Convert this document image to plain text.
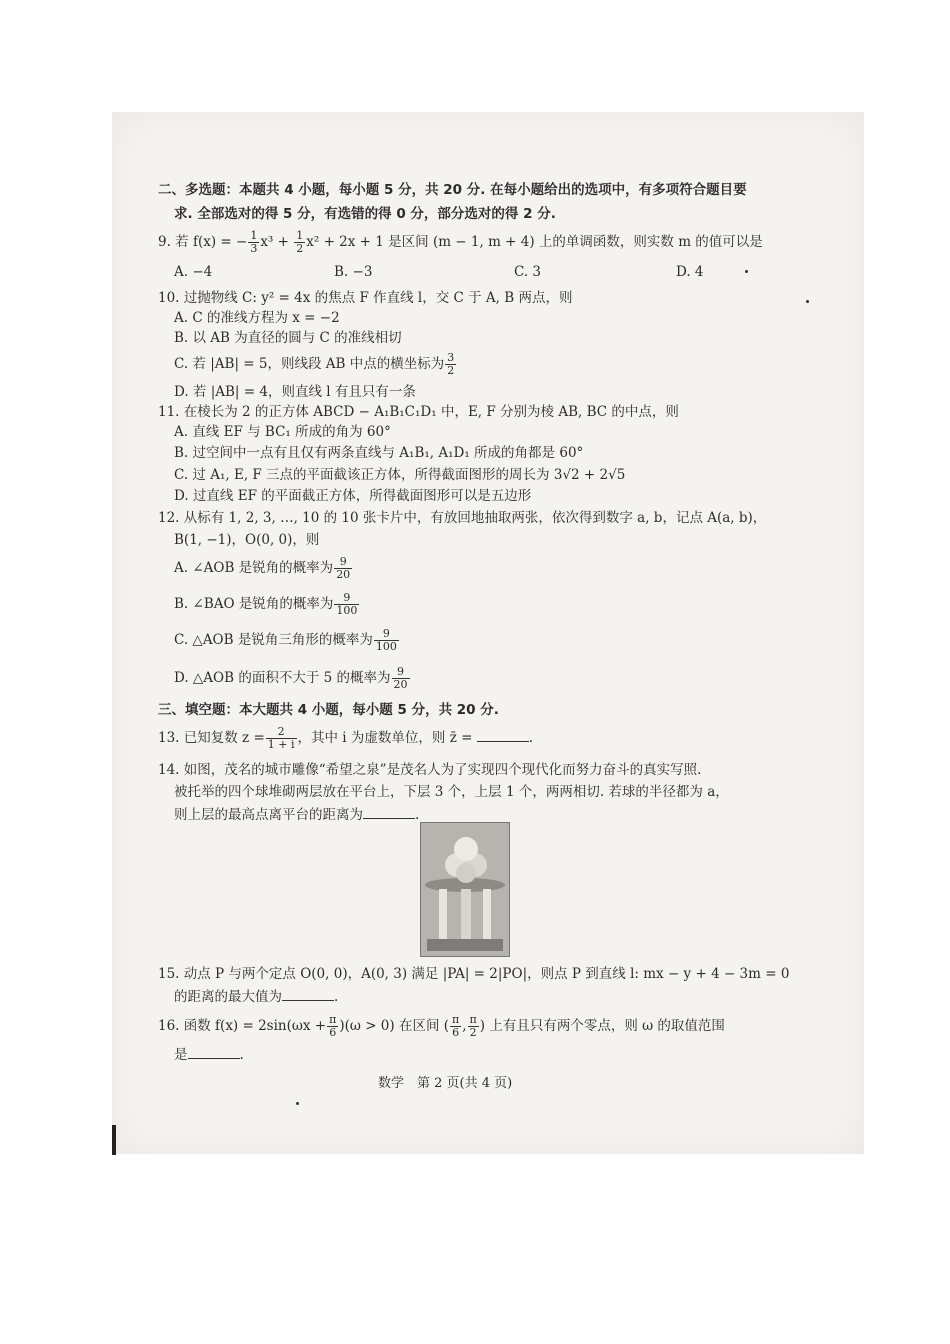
二、多选题：本题共 4 小题，每小题 5 分，共 20 分. 在每小题给出的选项中，有多项符合题目要
求. 全部选对的得 5 分，有选错的得 0 分，部分选对的得 2 分.
9. 若 f(x) = − $\frac{1}{3} x^3 + \frac{1}{2} x^2 + 2x + 1$ 是区间 (m − 1, m + 4) 上的单调函数，则实数 m 的值可以是
A. −4	B. −3	C. 3	D. 4
10. 过抛物线 C: y² = 4x 的焦点 F 作直线 l，交 C 于 A, B 两点，则
A. C 的准线方程为 x = −2
B. 以 AB 为直径的圆与 C 的准线相切
C. 若 |AB| = 5，则线段 AB 中点的横坐标为 $\frac{3}{2}$
D. 若 |AB| = 4，则直线 l 有且只有一条
11. 在棱长为 2 的正方体 ABCD − A₁B₁C₁D₁ 中，E, F 分别为棱 AB, BC 的中点，则
A. 直线 EF 与 BC₁ 所成的角为 60°
B. 过空间中一点有且仅有两条直线与 A₁B₁, A₁D₁ 所成的角都是 60°
C. 过 A₁, E, F 三点的平面截该正方体，所得截面图形的周长为 3√2 + 2√5
D. 过直线 EF 的平面截正方体，所得截面图形可以是五边形
12. 从标有 1, 2, 3, …, 10 的 10 张卡片中，有放回地抽取两张，依次得到数字 a, b，记点 A(a, b)，
B(1, −1)，O(0, 0)，则
A. ∠AOB 是锐角的概率为 $\frac{9}{20}$
B. ∠BAO 是锐角的概率为 $\frac{9}{100}$
C. △AOB 是锐角三角形的概率为 $\frac{9}{100}$
D. △AOB 的面积不大于 5 的概率为 $\frac{9}{20}$
三、填空题：本大题共 4 小题，每小题 5 分，共 20 分.
13. 已知复数 $z = \frac{2}{1 + i}$ ，其中 i 为虚数单位，则 z̄ =	.
14. 如图，茂名的城市雕像“希望之泉”是茂名人为了实现四个现代化而努力奋斗的真实写照.
被托举的四个球堆砌两层放在平台上，下层 3 个，上层 1 个，两两相切. 若球的半径都为 a，
则上层的最高点离平台的距离为	.
15. 动点 P 与两个定点 O(0, 0)，A(0, 3) 满足 |PA| = 2|PO|，则点 P 到直线 l: mx − y + 4 − 3m = 0
的距离的最大值为	.
16. 函数 $f(x) = 2\sin(\omega x + \frac{\pi}{6} )(\omega > 0)$ 在区间 ( $\frac{\pi}{6}$ , $\frac{\pi}{2}$ ) 上有且只有两个零点，则 ω 的取值范围
是	.
数学　第 2 页(共 4 页)
